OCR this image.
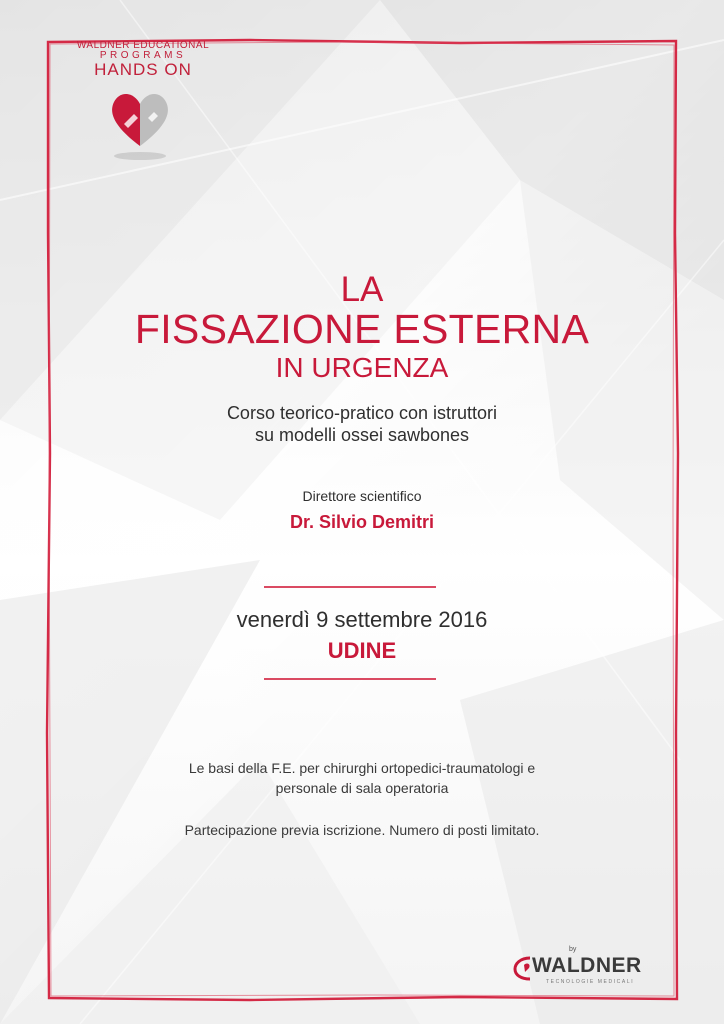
WALDNER EDUCATIONAL
PROGRAMS
HANDS ON
LA
FISSAZIONE ESTERNA
IN URGENZA
Corso teorico-pratico con istruttori
su modelli ossei sawbones
Direttore scientifico
Dr. Silvio Demitri
venerdì 9 settembre 2016
UDINE
Le basi della F.E. per chirurghi ortopedici-traumatologi e
personale di sala operatoria
Partecipazione previa iscrizione. Numero di posti limitato.
by
WALDNER
TECNOLOGIE MEDICALI
